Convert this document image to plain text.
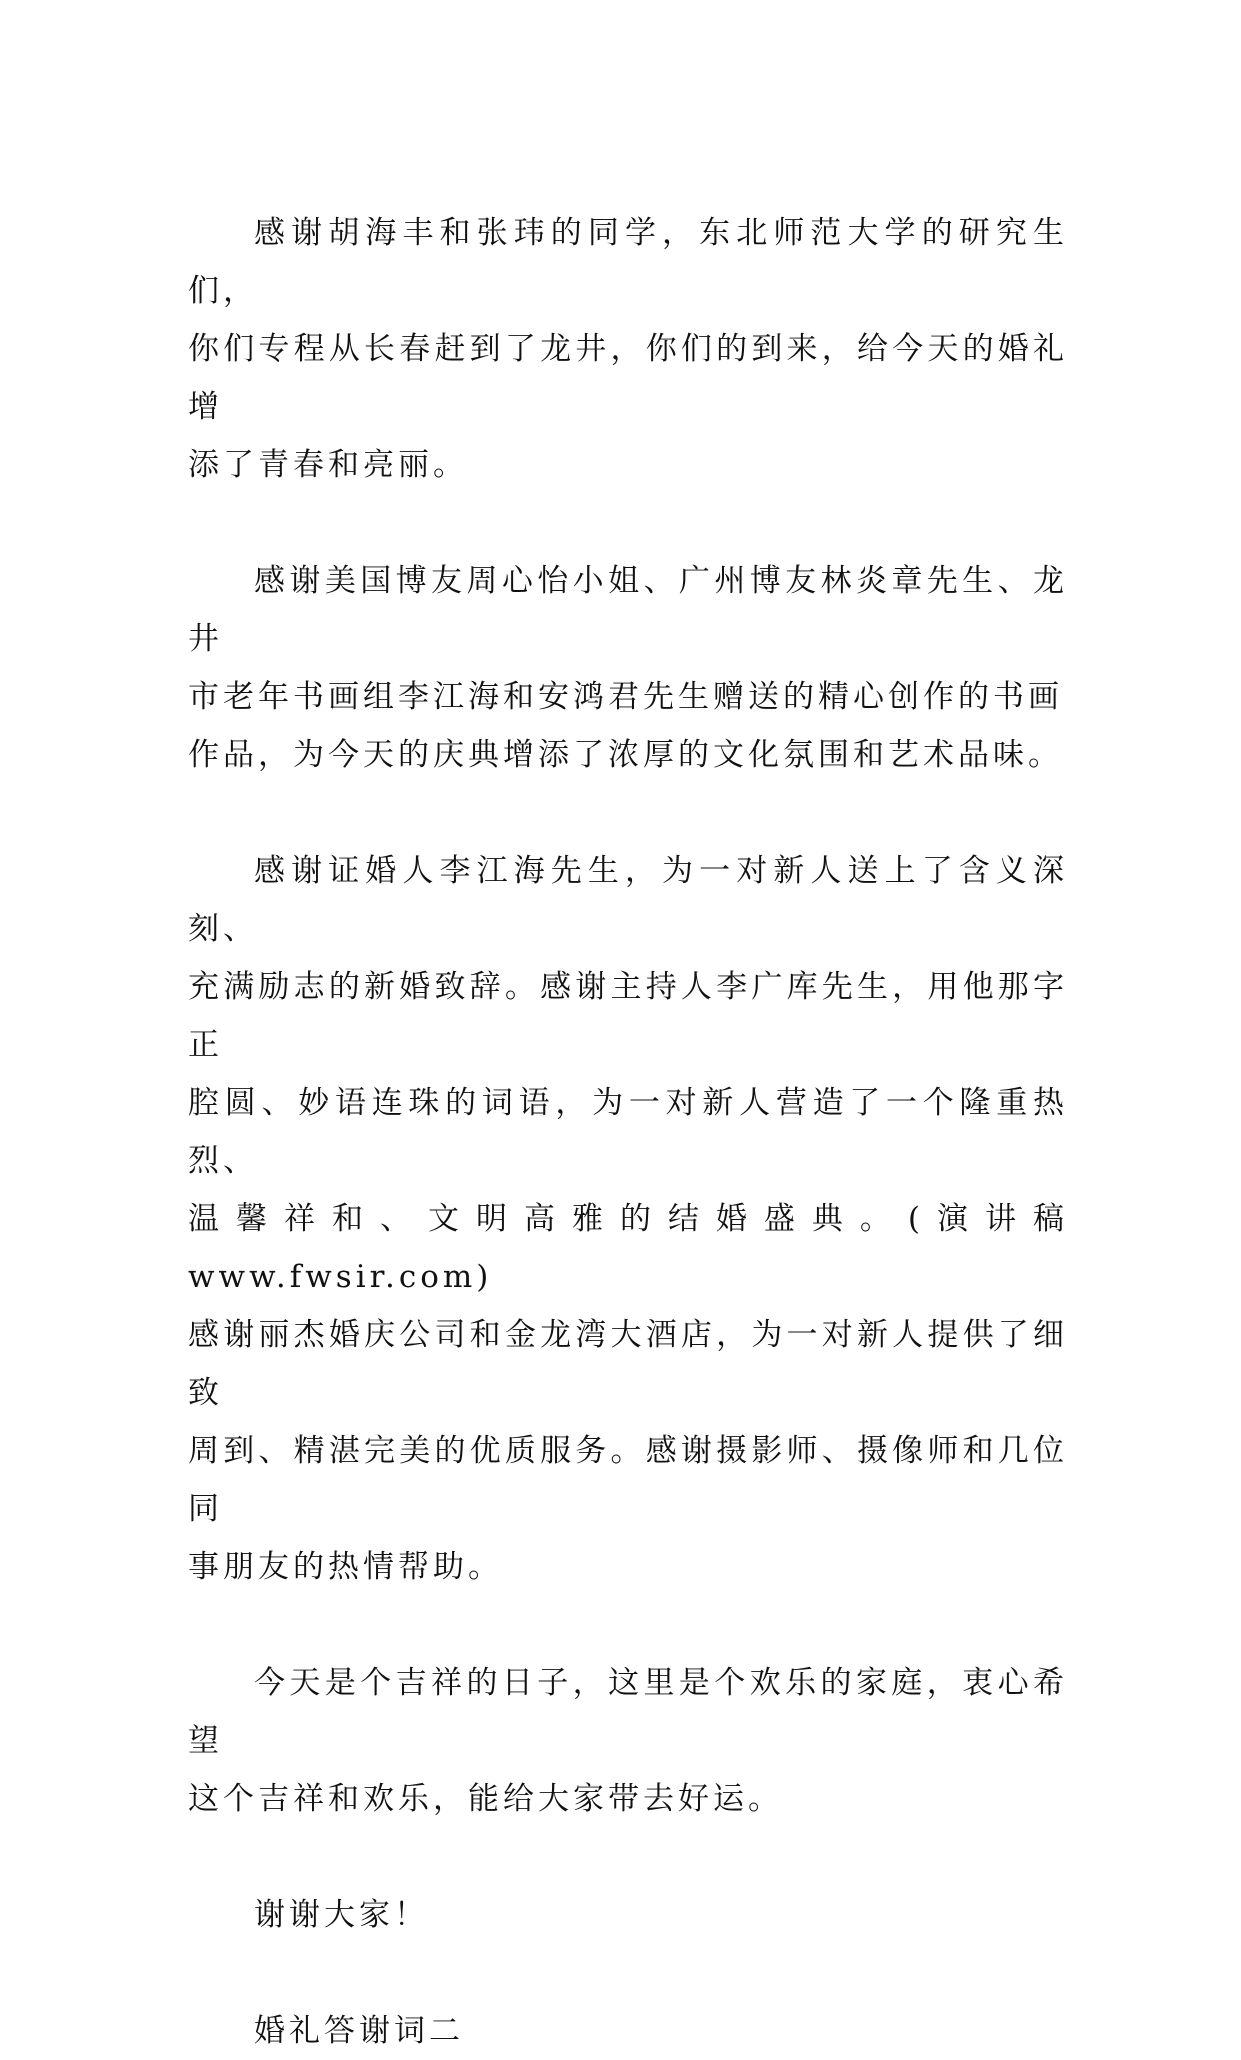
感谢胡海丰和张玮的同学，东北师范大学的研究生们，
你们专程从长春赶到了龙井，你们的到来，给今天的婚礼增
添了青春和亮丽。

感谢美国博友周心怡小姐、广州博友林炎章先生、龙井
市老年书画组李江海和安鸿君先生赠送的精心创作的书画
作品，为今天的庆典增添了浓厚的文化氛围和艺术品味。

感谢证婚人李江海先生，为一对新人送上了含义深刻、
充满励志的新婚致辞。感谢主持人李广库先生，用他那字正
腔圆、妙语连珠的词语，为一对新人营造了一个隆重热烈、
温馨祥和、文明高雅的结婚盛典。(演讲稿 www.fwsir.com)
感谢丽杰婚庆公司和金龙湾大酒店，为一对新人提供了细致
周到、精湛完美的优质服务。感谢摄影师、摄像师和几位同
事朋友的热情帮助。

今天是个吉祥的日子，这里是个欢乐的家庭，衷心希望
这个吉祥和欢乐，能给大家带去好运。

谢谢大家！

婚礼答谢词二
